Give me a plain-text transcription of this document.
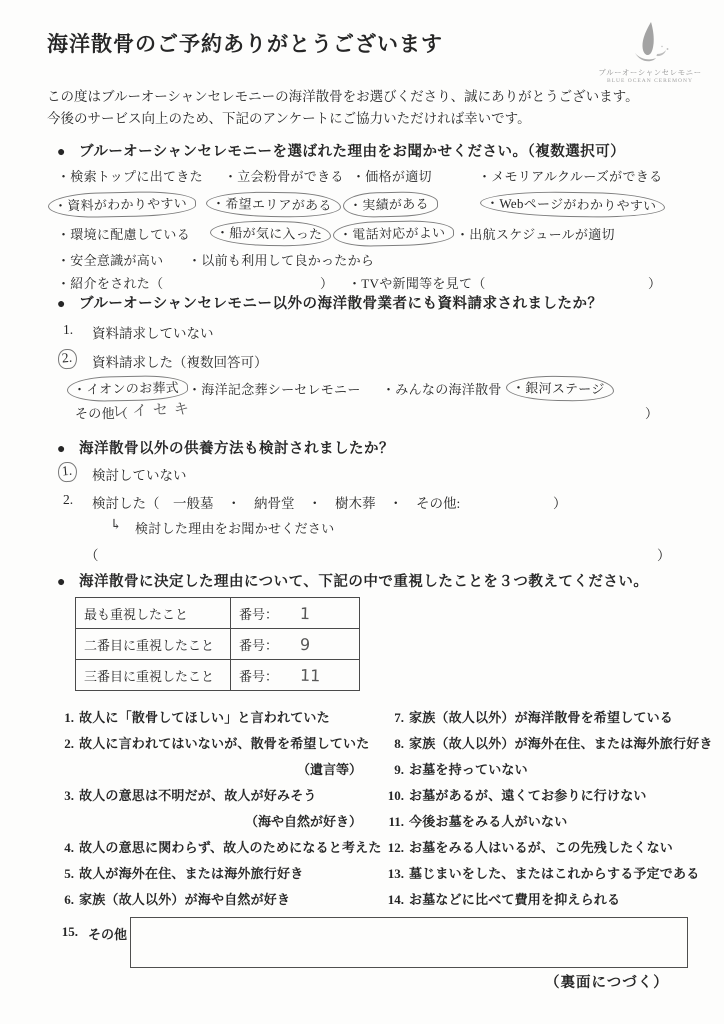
海洋散骨のご予約ありがとうございます
ブルーオーシャンセレモニー
BLUE OCEAN CEREMONY
この度はブルーオーシャンセレモニーの海洋散骨をお選びくださり、誠にありがとうございます。
今後のサービス向上のため、下記のアンケートにご協力いただければ幸いです。
● ブルーオーシャンセレモニーを選ばれた理由をお聞かせください。（複数選択可）
・検索トップに出てきた ・立会粉骨ができる ・価格が適切	・メモリアルクルーズができる
・資料がわかりやすい	・希望エリアがある	・実績がある	・Webページがわかりやすい
・環境に配慮している ・船が気に入った	・電話対応がよい ・出航スケジュールが適切
・安全意識が高い ・以前も利用して良かったから
・紹介をされた（	） ・TVや新聞等を見て（	）
● ブルーオーシャンセレモニー以外の海洋散骨業者にも資料請求されましたか？
1. 資料請求していない
2.	資料請求した（複数回答可）
・イオンのお葬式 ・海洋記念葬シーセレモニー ・みんなの海洋散骨 ・銀河ステージ
その他（
レイセキ	）
● 海洋散骨以外の供養方法も検討されましたか？
1.	検討していない
2. 検討した（　一般墓　・　納骨堂　・　樹木葬　・　その他:	）
↳ 検討した理由をお聞かせください
（	）
● 海洋散骨に決定した理由について、下記の中で重視したことを３つ教えてください。
最も重視したこと	番号： 1
二番目に重視したこと	番号： 9
三番目に重視したこと	番号： 11
1. 故人に「散骨してほしい」と言われていた
2. 故人に言われてはいないが、散骨を希望していた
（遺言等）
3. 故人の意思は不明だが、故人が好みそう
（海や自然が好き）
4. 故人の意思に関わらず、故人のためになると考えた
5. 故人が海外在住、または海外旅行好き
6. 家族（故人以外）が海や自然が好き
7. 家族（故人以外）が海洋散骨を希望している
8. 家族（故人以外）が海外在住、または海外旅行好き
9. お墓を持っていない
10. お墓があるが、遠くてお参りに行けない
11. 今後お墓をみる人がいない
12. お墓をみる人はいるが、この先残したくない
13. 墓じまいをした、またはこれからする予定である
14. お墓などに比べて費用を抑えられる
15. その他
（裏面につづく）
